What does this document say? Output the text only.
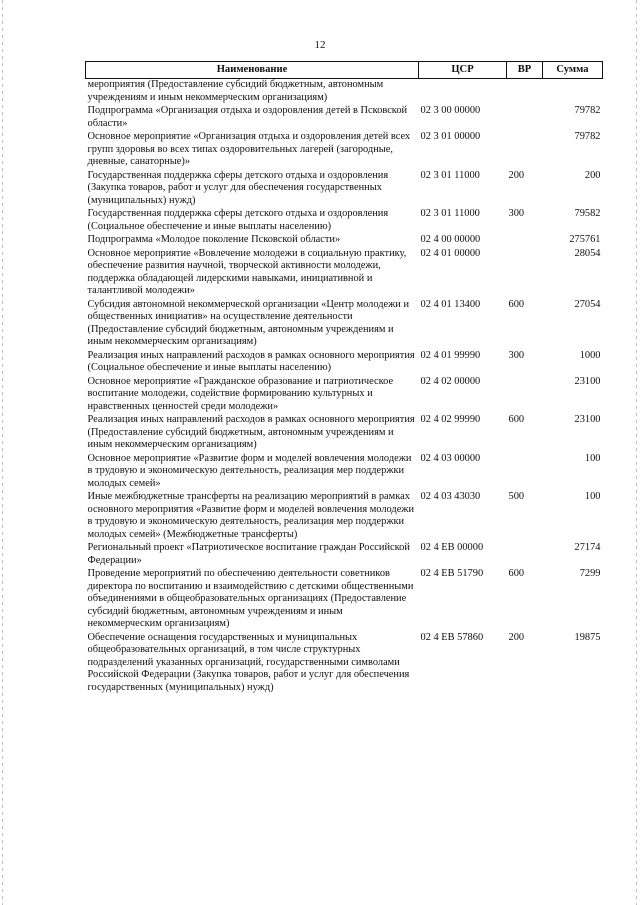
12
Наименование	ЦСР	ВР	Сумма
мероприятия (Предоставление субсидий бюджетным, автономным учреждениям и иным некоммерческим организациям)			
Подпрограмма «Организация отдыха и оздоровления детей в Псковской области»	02 3 00 00000		79782
Основное мероприятие «Организация отдыха и оздоровления детей всех групп здоровья во всех типах оздоровительных лагерей (загородные, дневные, санаторные)»	02 3 01 00000		79782
Государственная поддержка сферы детского отдыха и оздоровления (Закупка товаров, работ и услуг для обеспечения государственных (муниципальных) нужд)	02 3 01 11000	200	200
Государственная поддержка сферы детского отдыха и оздоровления (Социальное обеспечение и иные выплаты населению)	02 3 01 11000	300	79582
Подпрограмма «Молодое поколение Псковской области»	02 4 00 00000		275761
Основное мероприятие «Вовлечение молодежи в социальную практику, обеспечение развития научной, творческой активности молодежи, поддержка обладающей лидерскими навыками, инициативной и талантливой молодежи»	02 4 01 00000		28054
Субсидия автономной некоммерческой организации «Центр молодежи и общественных инициатив» на осуществление деятельности (Предоставление субсидий бюджетным, автономным учреждениям и иным некоммерческим организациям)	02 4 01 13400	600	27054
Реализация иных направлений расходов в рамках основного мероприятия (Социальное обеспечение и иные выплаты населению)	02 4 01 99990	300	1000
Основное мероприятие «Гражданское образование и патриотическое воспитание молодежи, содействие формированию культурных и нравственных ценностей среди молодежи»	02 4 02 00000		23100
Реализация иных направлений расходов в рамках основного мероприятия (Предоставление субсидий бюджетным, автономным учреждениям и иным некоммерческим организациям)	02 4 02 99990	600	23100
Основное мероприятие «Развитие форм и моделей вовлечения молодежи в трудовую и экономическую деятельность, реализация мер поддержки молодых семей»	02 4 03 00000		100
Иные межбюджетные трансферты на реализацию мероприятий в рамках основного мероприятия «Развитие форм и моделей вовлечения молодежи в трудовую и экономическую деятельность, реализация мер поддержки молодых семей» (Межбюджетные трансферты)	02 4 03 43030	500	100
Региональный проект «Патриотическое воспитание граждан Российской Федерации»	02 4 ЕВ 00000		27174
Проведение мероприятий по обеспечению деятельности советников директора по воспитанию и взаимодействию с детскими общественными объединениями в общеобразовательных организациях (Предоставление субсидий бюджетным, автономным учреждениям и иным некоммерческим организациям)	02 4 ЕВ 51790	600	7299
Обеспечение оснащения государственных и муниципальных общеобразовательных организаций, в том числе структурных подразделений указанных организаций, государственными символами Российской Федерации (Закупка товаров, работ и услуг для обеспечения государственных (муниципальных) нужд)	02 4 ЕВ 57860	200	19875
